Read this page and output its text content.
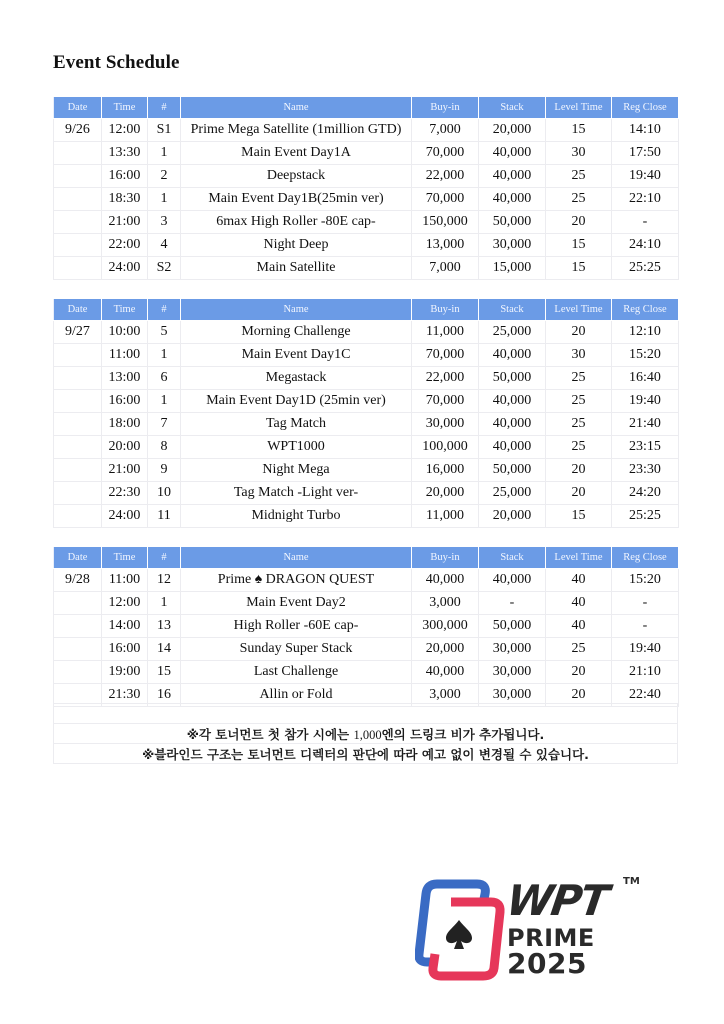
Event Schedule
Date	Time	#	Name	Buy-in	Stack	Level Time	Reg Close
9/26	12:00	S1	Prime Mega Satellite (1million GTD)	7,000	20,000	15	14:10
	13:30	1	Main Event Day1A	70,000	40,000	30	17:50
	16:00	2	Deepstack	22,000	40,000	25	19:40
	18:30	1	Main Event Day1B(25min ver)	70,000	40,000	25	22:10
	21:00	3	6max High Roller -80E cap-	150,000	50,000	20	-
	22:00	4	Night Deep	13,000	30,000	15	24:10
	24:00	S2	Main Satellite	7,000	15,000	15	25:25
Date	Time	#	Name	Buy-in	Stack	Level Time	Reg Close
9/27	10:00	5	Morning Challenge	11,000	25,000	20	12:10
	11:00	1	Main Event Day1C	70,000	40,000	30	15:20
	13:00	6	Megastack	22,000	50,000	25	16:40
	16:00	1	Main Event Day1D (25min ver)	70,000	40,000	25	19:40
	18:00	7	Tag Match	30,000	40,000	25	21:40
	20:00	8	WPT1000	100,000	40,000	25	23:15
	21:00	9	Night Mega	16,000	50,000	20	23:30
	22:30	10	Tag Match -Light ver-	20,000	25,000	20	24:20
	24:00	11	Midnight Turbo	11,000	20,000	15	25:25
Date	Time	#	Name	Buy-in	Stack	Level Time	Reg Close
9/28	11:00	12	Prime ♠ DRAGON QUEST	40,000	40,000	40	15:20
	12:00	1	Main Event Day2	3,000	-	40	-
	14:00	13	High Roller -60E cap-	300,000	50,000	40	-
	16:00	14	Sunday Super Stack	20,000	30,000	25	19:40
	19:00	15	Last Challenge	40,000	30,000	20	21:10
	21:30	16	Allin or Fold	3,000	30,000	20	22:40

※각 토너먼트 첫 참가 시에는 1,000엔의 드링크 비가 추가됩니다.
※블라인드 구조는 토너먼트 디렉터의 판단에 따라 예고 없이 변경될 수 있습니다.
WPT
PRIME
2025
TM
